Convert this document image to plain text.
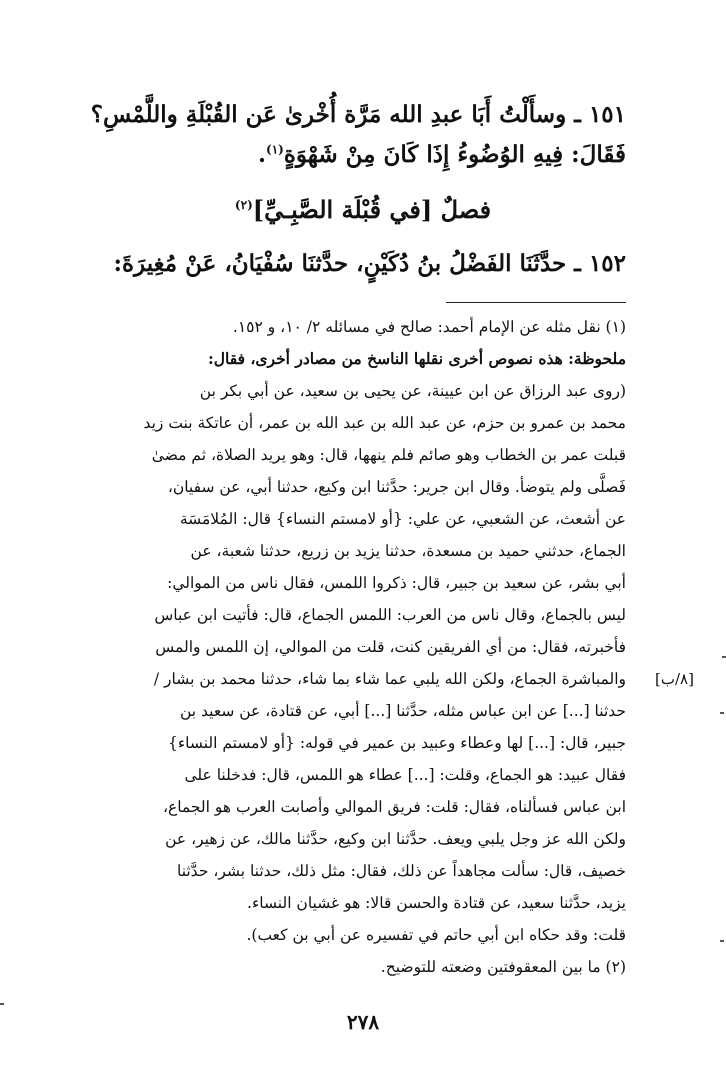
١٥١ ـ وسأَلْتُ أَبَا عبدِ الله مَرَّة أُخْرىٰ عَن القُبْلَةِ واللَّمْسِ؟
فَقَالَ: فِيهِ الوُضُوءُ إِذَا كَانَ مِنْ شَهْوَةٍ$^{(١)}$.
فصلٌ [في قُبْلَة الصَّبِـيِّ]$^{(٢)}$
١٥٢ ـ حدَّثَنَا الفَضْلُ بنُ دُكَيْنٍ، حدَّثنَا سُفْيَانُ، عَنْ مُغِيرَةَ:
(١) نقل مثله عن الإمام أحمد: صالح في مسائله ٢/ ١٠، و ١٥٢.
ملحوظة: هذه نصوص أخرى نقلها الناسخ من مصادر أخرى، فقال:
(روى عبد الرزاق عن ابن عيينة، عن يحيى بن سعيد، عن أبي بكر بن
محمد بن عمرو بن حزم، عن عبد الله بن عبد الله بن عمر، أن عاتكة بنت زيد
قبلت عمر بن الخطاب وهو صائم فلم ينهها، قال: وهو يريد الصلاة، ثم مضىٰ
فَصلَّى ولم يتوضأ. وقال ابن جرير: حدَّثنا ابن وكيع، حدثنا أبي، عن سفيان،
عن أشعث، عن الشعبي، عن علي: {أو لامستم النساء} قال: المُلامَسَة
الجماع، حدثني حميد بن مسعدة، حدثنا يزيد بن زريع، حدثنا شعبة، عن
أبي بشر، عن سعيد بن جبير، قال: ذكروا اللمس، فقال ناس من الموالي:
ليس بالجماع، وقال ناس من العرب: اللمس الجماع، قال: فأتيت ابن عباس
فأخبرته، فقال: من أي الفريقين كنت، قلت من الموالي، إن اللمس والمس
والمباشرة الجماع، ولكن الله يلبي عما شاء بما شاء، حدثنا محمد بن بشار /
حدثنا [...] عن ابن عباس مثله، حدَّثنا [...] أبي، عن قتادة، عن سعيد بن
جبير، قال: [...] لها وعطاء وعبيد بن عمير في قوله: {أو لامستم النساء}
فقال عبيد: هو الجماع، وقلت: [...] عطاء هو اللمس، قال: فدخلنا على
ابن عباس فسألناه، فقال: قلت: فريق الموالي وأصابت العرب هو الجماع،
ولكن الله عز وجل يلبي ويعف. حدَّثنا ابن وكيع، حدَّثنا مالك، عن زهير، عن
خصيف، قال: سألت مجاهداً عن ذلك، فقال: مثل ذلك، حدثنا بشر، حدَّثنا
يزيد، حدَّثنا سعيد، عن قتادة والحسن قالا: هو غشيان النساء.
قلت: وقد حكاه ابن أبي حاتم في تفسيره عن أبي بن كعب).
(٢) ما بين المعقوفتين وضعته للتوضيح.
[٨/ب]
٢٧٨
